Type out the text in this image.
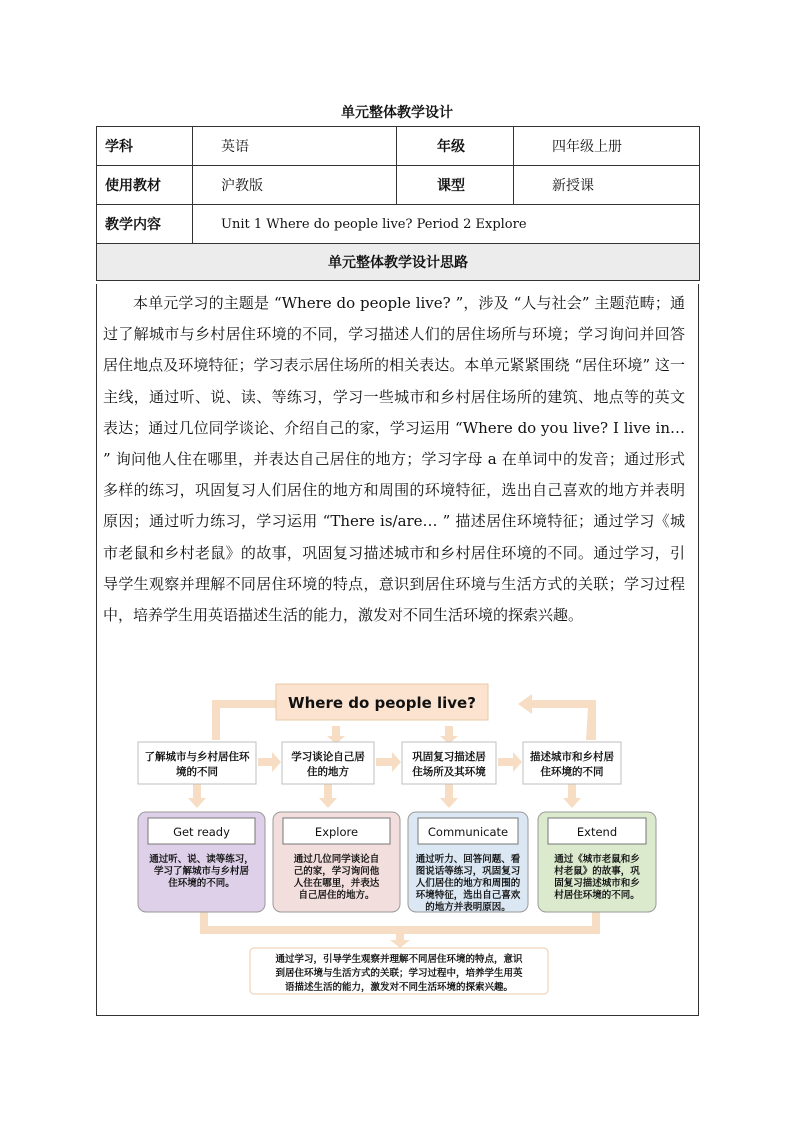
单元整体教学设计
学科	英语	年级	四年级上册
使用教材	沪教版	课型	新授课
教学内容	Unit 1 Where do people live? Period 2 Explore		
单元整体教学设计思路			
本单元学习的主题是 “Where do people live? ”，涉及 “人与社会” 主题范畴；通过了解城市与乡村居住环境的不同，学习描述人们的居住场所与环境；学习询问并回答居住地点及环境特征；学习表示居住场所的相关表达。本单元紧紧围绕 “居住环境” 这一主线，通过听、说、读、等练习，学习一些城市和乡村居住场所的建筑、地点等的英文表达；通过几位同学谈论、介绍自己的家，学习运用 “Where do you live? I live in… ” 询问他人住在哪里，并表达自己居住的地方；学习字母 a 在单词中的发音；通过形式多样的练习，巩固复习人们居住的地方和周围的环境特征，选出自己喜欢的地方并表明原因；通过听力练习，学习运用 “There is/are… ” 描述居住环境特征；通过学习《城市老鼠和乡村老鼠》的故事，巩固复习描述城市和乡村居住环境的不同。通过学习，引导学生观察并理解不同居住环境的特点，意识到居住环境与生活方式的关联；学习过程中，培养学生用英语描述生活的能力，激发对不同生活环境的探索兴趣。
Where do people live?
了解城市与乡村居住环
境的不同
学习谈论自己居
住的地方
巩固复习描述居
住场所及其环境
描述城市和乡村居
住环境的不同
Get ready
通过听、说、读等练习，
学习了解城市与乡村居
住环境的不同。
Explore
通过几位同学谈论自
己的家，学习询问他
人住在哪里，并表达
自己居住的地方。
Communicate
通过听力、回答问题、看
图说话等练习，巩固复习
人们居住的地方和周围的
环境特征，选出自己喜欢
的地方并表明原因。
Extend
通过《城市老鼠和乡
村老鼠》的故事，巩
固复习描述城市和乡
村居住环境的不同。
通过学习，引导学生观察并理解不同居住环境的特点，意识
到居住环境与生活方式的关联；学习过程中，培养学生用英
语描述生活的能力，激发对不同生活环境的探索兴趣。
